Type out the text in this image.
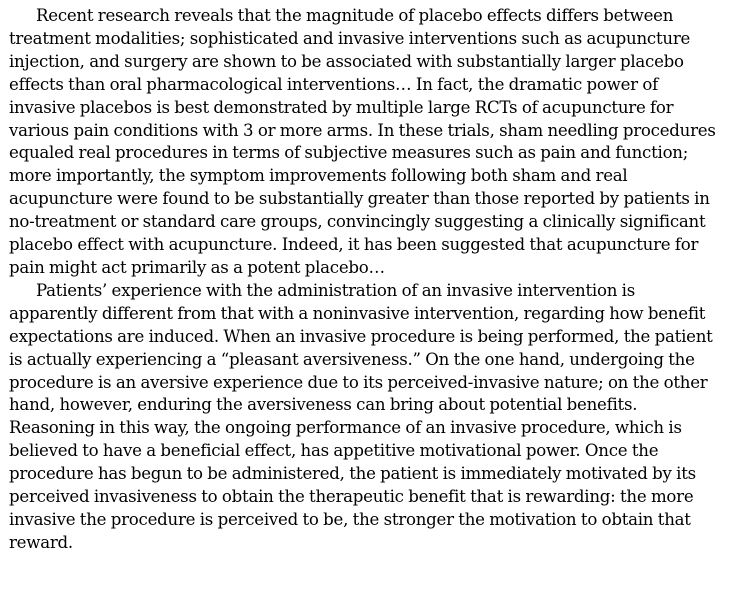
Recent research reveals that the magnitude of placebo effects differs between treatment modalities; sophisticated and invasive interventions such as acupuncture injection, and surgery are shown to be associated with substantially larger placebo effects than oral pharmacological interventions… In fact, the dramatic power of invasive placebos is best demonstrated by multiple large RCTs of acupuncture for various pain conditions with 3 or more arms. In these trials, sham needling procedures equaled real procedures in terms of subjective measures such as pain and function; more importantly, the symptom improvements following both sham and real acupuncture were found to be substantially greater than those reported by patients in no-treatment or standard care groups, convincingly suggesting a clinically significant placebo effect with acupuncture. Indeed, it has been suggested that acupuncture for pain might act primarily as a potent placebo…

Patients’ experience with the administration of an invasive intervention is apparently different from that with a noninvasive intervention, regarding how benefit expectations are induced. When an invasive procedure is being performed, the patient is actually experiencing a “pleasant aversiveness.” On the one hand, undergoing the procedure is an aversive experience due to its perceived-invasive nature; on the other hand, however, enduring the aversiveness can bring about potential benefits. Reasoning in this way, the ongoing performance of an invasive procedure, which is believed to have a beneficial effect, has appetitive motivational power. Once the procedure has begun to be administered, the patient is immediately motivated by its perceived invasiveness to obtain the therapeutic benefit that is rewarding: the more invasive the procedure is perceived to be, the stronger the motivation to obtain that reward.
